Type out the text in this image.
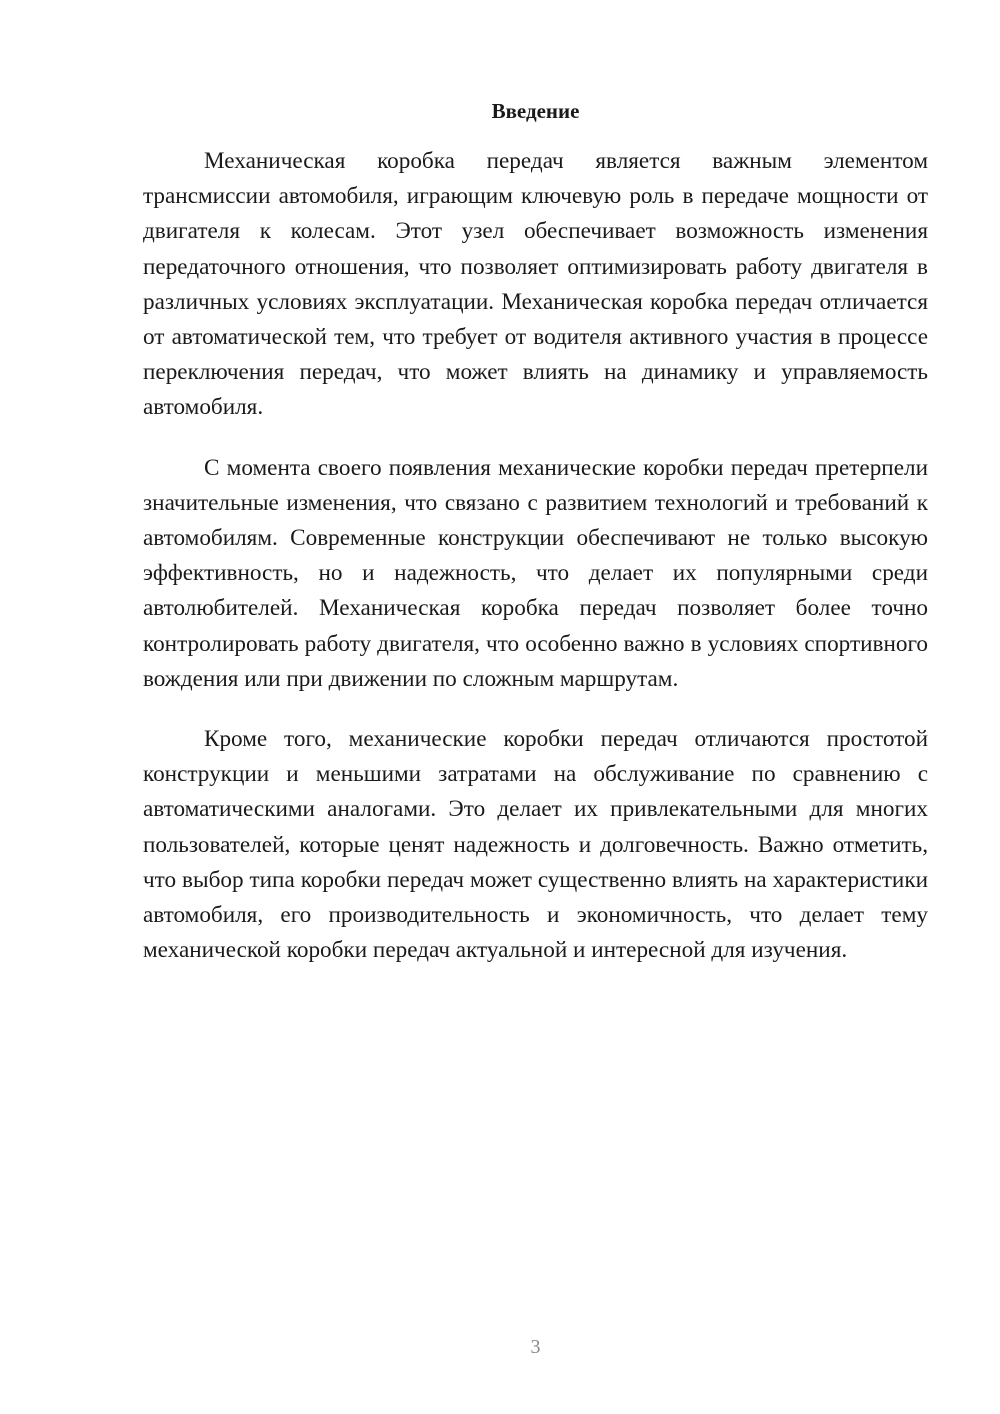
Введение

Механическая коробка передач является важным элементом трансмиссии автомобиля, играющим ключевую роль в передаче мощности от двигателя к колесам. Этот узел обеспечивает возможность изменения передаточного отношения, что позволяет оптимизировать работу двигателя в различных условиях эксплуатации. Механическая коробка передач отличается от автоматической тем, что требует от водителя активного участия в процессе переключения передач, что может влиять на динамику и управляемость автомобиля.

С момента своего появления механические коробки передач претерпели значительные изменения, что связано с развитием технологий и требований к автомобилям. Современные конструкции обеспечивают не только высокую эффективность, но и надежность, что делает их популярными среди автолюбителей. Механическая коробка передач позволяет более точно контролировать работу двигателя, что особенно важно в условиях спортивного вождения или при движении по сложным маршрутам.

Кроме того, механические коробки передач отличаются простотой конструкции и меньшими затратами на обслуживание по сравнению с автоматическими аналогами. Это делает их привлекательными для многих пользователей, которые ценят надежность и долговечность. Важно отметить, что выбор типа коробки передач может существенно влиять на характеристики автомобиля, его производительность и экономичность, что делает тему механической коробки передач актуальной и интересной для изучения.

3
